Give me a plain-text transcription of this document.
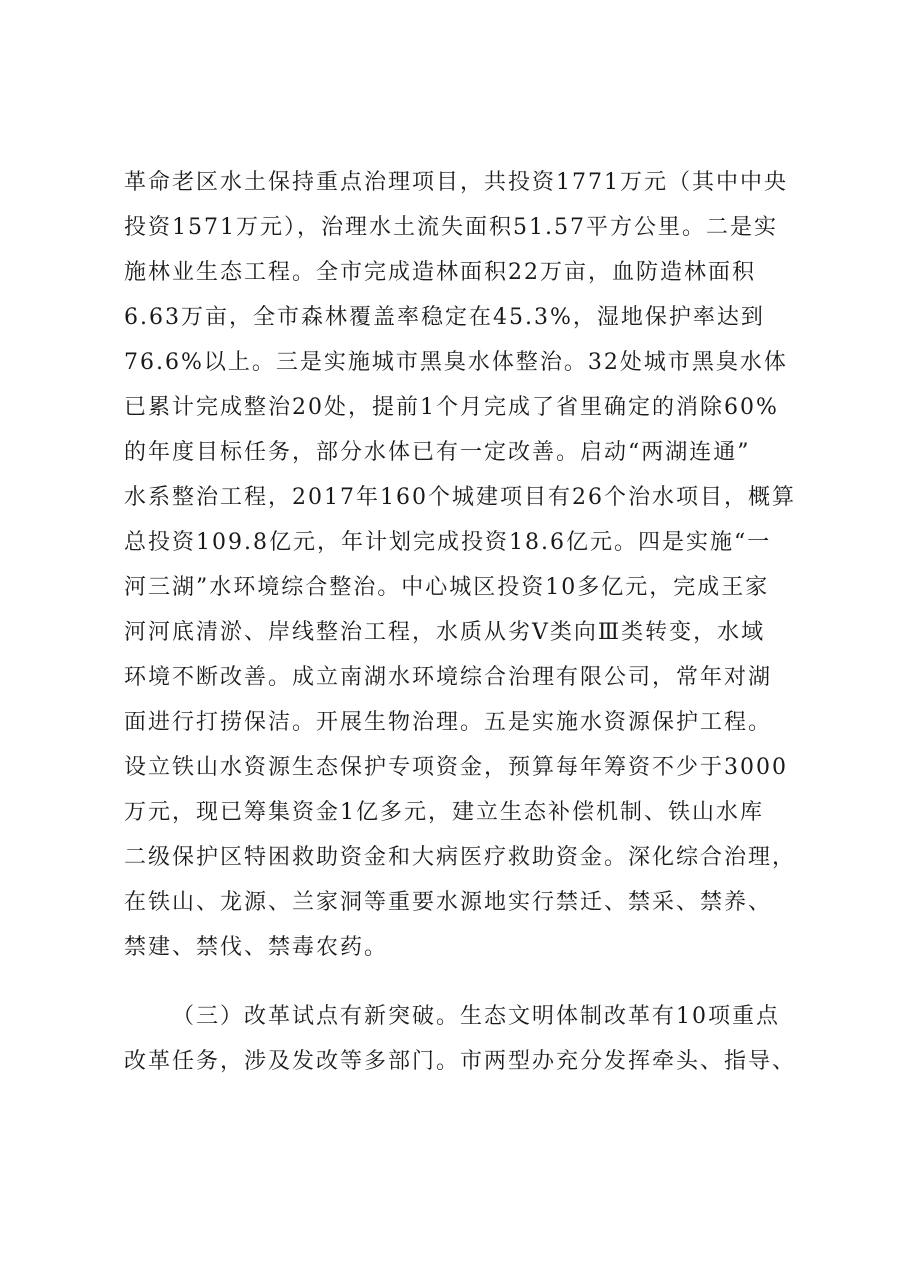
革命老区水土保持重点治理项目，共投资1771万元（其中中央
投资1571万元），治理水土流失面积51.57平方公里。二是实
施林业生态工程。全市完成造林面积22万亩，血防造林面积
6.63万亩，全市森林覆盖率稳定在45.3%，湿地保护率达到
76.6%以上。三是实施城市黑臭水体整治。32处城市黑臭水体
已累计完成整治20处，提前1个月完成了省里确定的消除60%
的年度目标任务，部分水体已有一定改善。启动“两湖连通”
水系整治工程，2017年160个城建项目有26个治水项目，概算
总投资109.8亿元，年计划完成投资18.6亿元。四是实施“一
河三湖”水环境综合整治。中心城区投资10多亿元，完成王家
河河底清淤、岸线整治工程，水质从劣Ⅴ类向Ⅲ类转变，水域
环境不断改善。成立南湖水环境综合治理有限公司，常年对湖
面进行打捞保洁。开展生物治理。五是实施水资源保护工程。
设立铁山水资源生态保护专项资金，预算每年筹资不少于3000
万元，现已筹集资金1亿多元，建立生态补偿机制、铁山水库
二级保护区特困救助资金和大病医疗救助资金。深化综合治理，
在铁山、龙源、兰家洞等重要水源地实行禁迁、禁采、禁养、
禁建、禁伐、禁毒农药。
（三）改革试点有新突破。生态文明体制改革有10项重点
改革任务，涉及发改等多部门。市两型办充分发挥牵头、指导、
